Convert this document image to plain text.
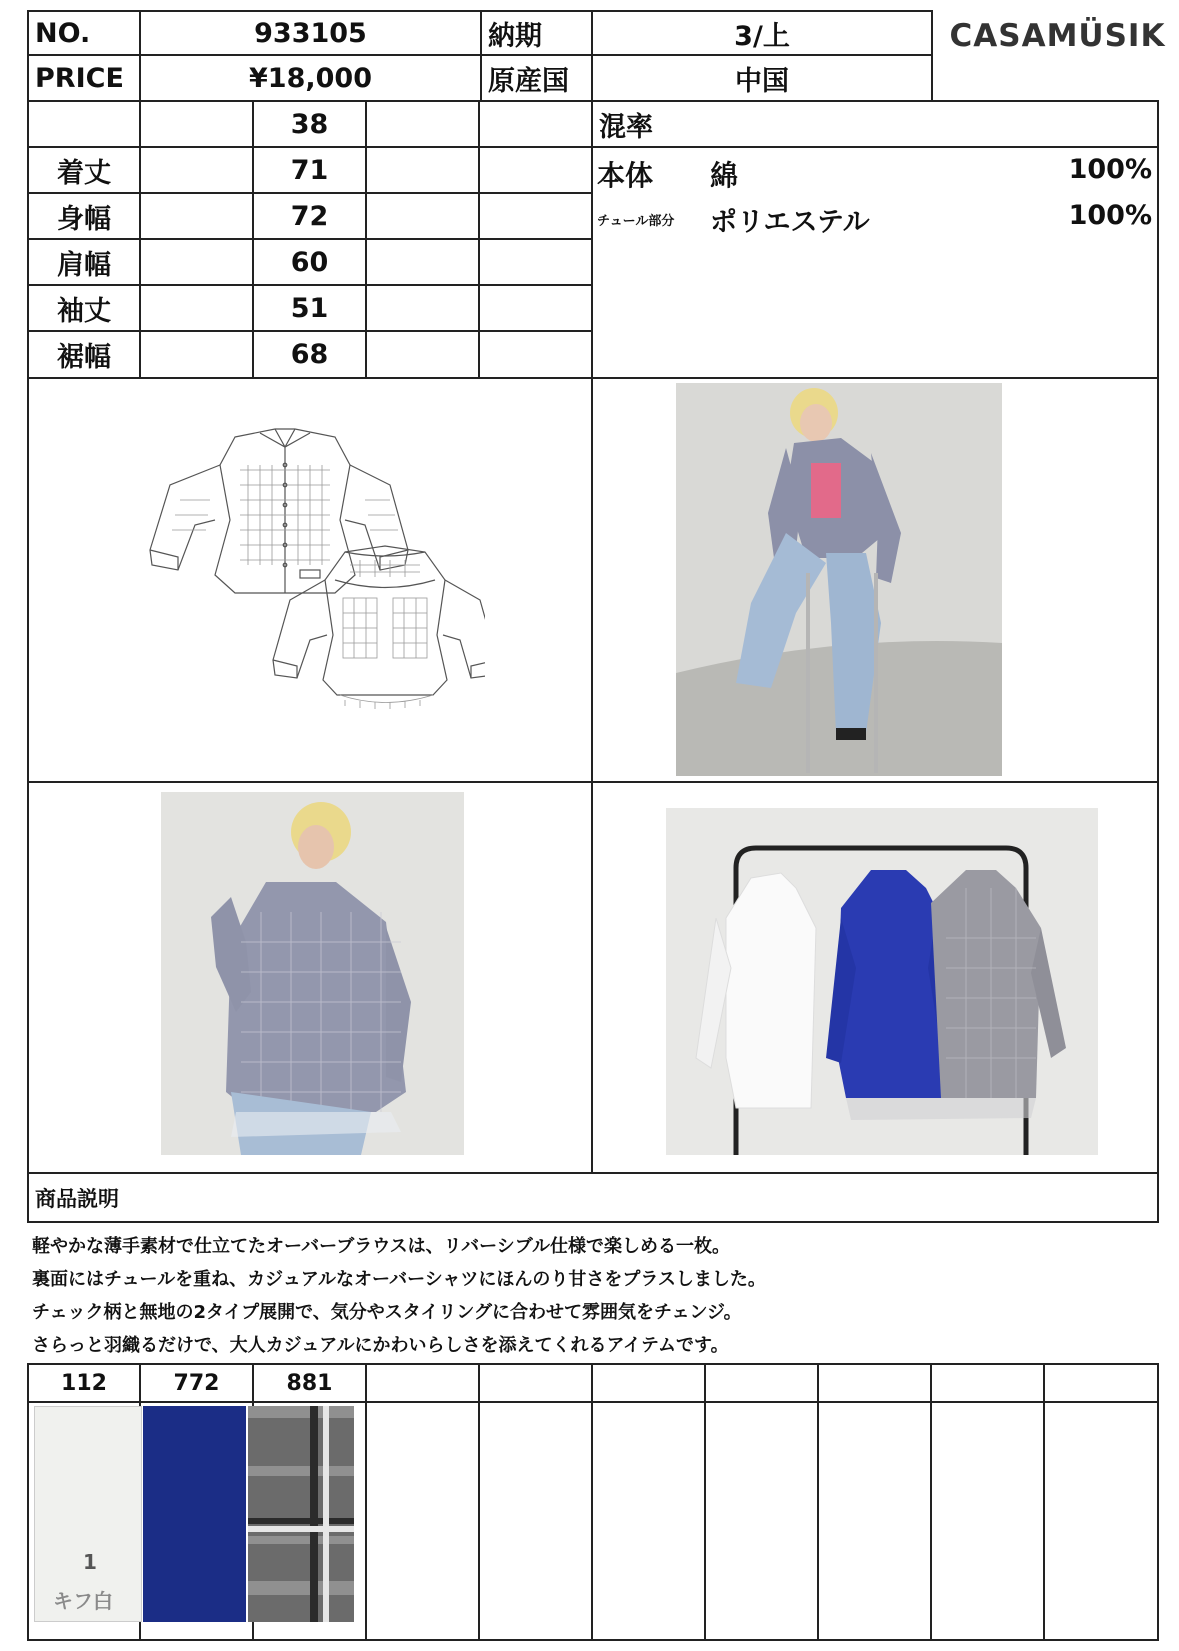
NO.	933105	納期	3/上	CASAMÜSIK
PRICE	¥18,000	原産国	中国
38
着丈	71
身幅	72
肩幅	60
袖丈	51
裾幅	68
混率
本体 綿	100%
チュール部分 ポリエステル	100%
商品説明
軽やかな薄手素材で仕立てたオーバーブラウスは、リバーシブル仕様で楽しめる一枚。
裏面にはチュールを重ね、カジュアルなオーバーシャツにほんのり甘さをプラスしました。
チェック柄と無地の2タイプ展開で、気分やスタイリングに合わせて雰囲気をチェンジ。
さらっと羽織るだけで、大人カジュアルにかわいらしさを添えてくれるアイテムです。
112	772	881
1
キフ白
